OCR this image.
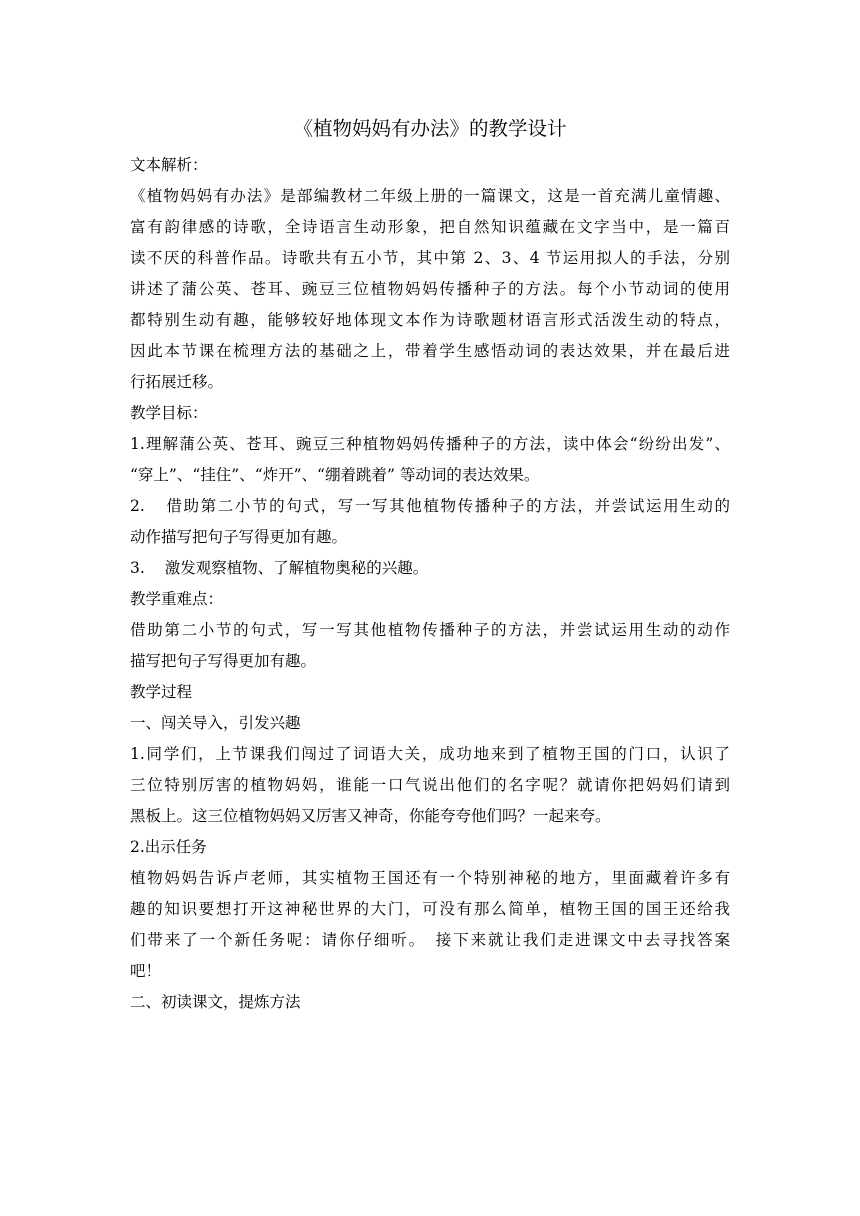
《植物妈妈有办法》的教学设计

文本解析：

《植物妈妈有办法》是部编教材二年级上册的一篇课文，这是一首充满儿童情趣、

富有韵律感的诗歌，全诗语言生动形象，把自然知识蕴藏在文字当中，是一篇百

读不厌的科普作品。诗歌共有五小节，其中第 2、3、4 节运用拟人的手法，分别

讲述了蒲公英、苍耳、豌豆三位植物妈妈传播种子的方法。每个小节动词的使用

都特别生动有趣，能够较好地体现文本作为诗歌题材语言形式活泼生动的特点，

因此本节课在梳理方法的基础之上，带着学生感悟动词的表达效果，并在最后进

行拓展迁移。

教学目标：

1.理解蒲公英、苍耳、豌豆三种植物妈妈传播种子的方法，读中体会“纷纷出发”、

“穿上”、“挂住”、“炸开”、“绷着跳着” 等动词的表达效果。

2. 借助第二小节的句式，写一写其他植物传播种子的方法，并尝试运用生动的

动作描写把句子写得更加有趣。

3. 激发观察植物、了解植物奥秘的兴趣。

教学重难点：

借助第二小节的句式，写一写其他植物传播种子的方法，并尝试运用生动的动作

描写把句子写得更加有趣。

教学过程

一、闯关导入，引发兴趣

1.同学们，上节课我们闯过了词语大关，成功地来到了植物王国的门口，认识了

三位特别厉害的植物妈妈，谁能一口气说出他们的名字呢？就请你把妈妈们请到

黑板上。这三位植物妈妈又厉害又神奇，你能夸夸他们吗？一起来夸。

2.出示任务

植物妈妈告诉卢老师，其实植物王国还有一个特别神秘的地方，里面藏着许多有

趣的知识要想打开这神秘世界的大门，可没有那么简单，植物王国的国王还给我

们带来了一个新任务呢：请你仔细听。　接下来就让我们走进课文中去寻找答案

吧！

二、初读课文，提炼方法
